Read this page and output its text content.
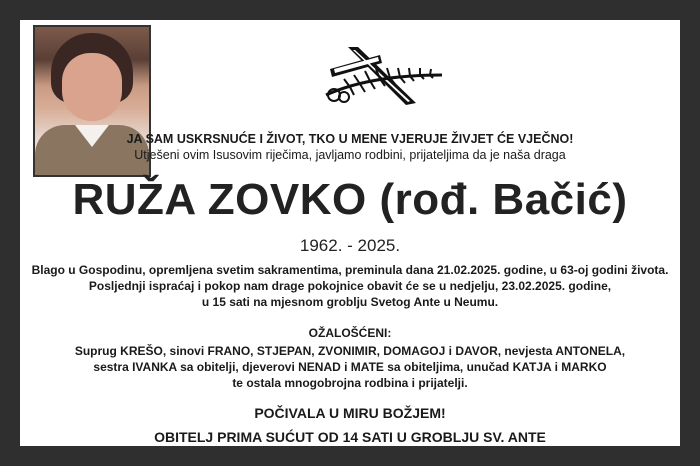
JA SAM USKRSNUĆE I ŽIVOT, TKO U MENE VJERUJE ŽIVJET ĆE VJEČNO!
Utješeni ovim Isusovim riječima, javljamo rodbini, prijateljima da je naša draga
RUŽA ZOVKO (rođ. Bačić)
1962. - 2025.
Blago u Gospodinu, opremljena svetim sakramentima, preminula dana 21.02.2025. godine, u 63-oj godini života.
Posljednji ispraćaj i pokop nam drage pokojnice obavit će se u nedjelju, 23.02.2025. godine,
u 15 sati na mjesnom groblju Svetog Ante u Neumu.
OŽALOŠĆENI:
Suprug KREŠO, sinovi FRANO, STJEPAN, ZVONIMIR, DOMAGOJ i DAVOR, nevjesta ANTONELA,
sestra IVANKA sa obitelji, djeverovi NENAD i MATE sa obiteljima, unučad KATJA i MARKO
te ostala mnogobrojna rodbina i prijatelji.
POČIVALA U MIRU BOŽJEM!
OBITELJ PRIMA SUĆUT OD 14 SATI U GROBLJU SV. ANTE
